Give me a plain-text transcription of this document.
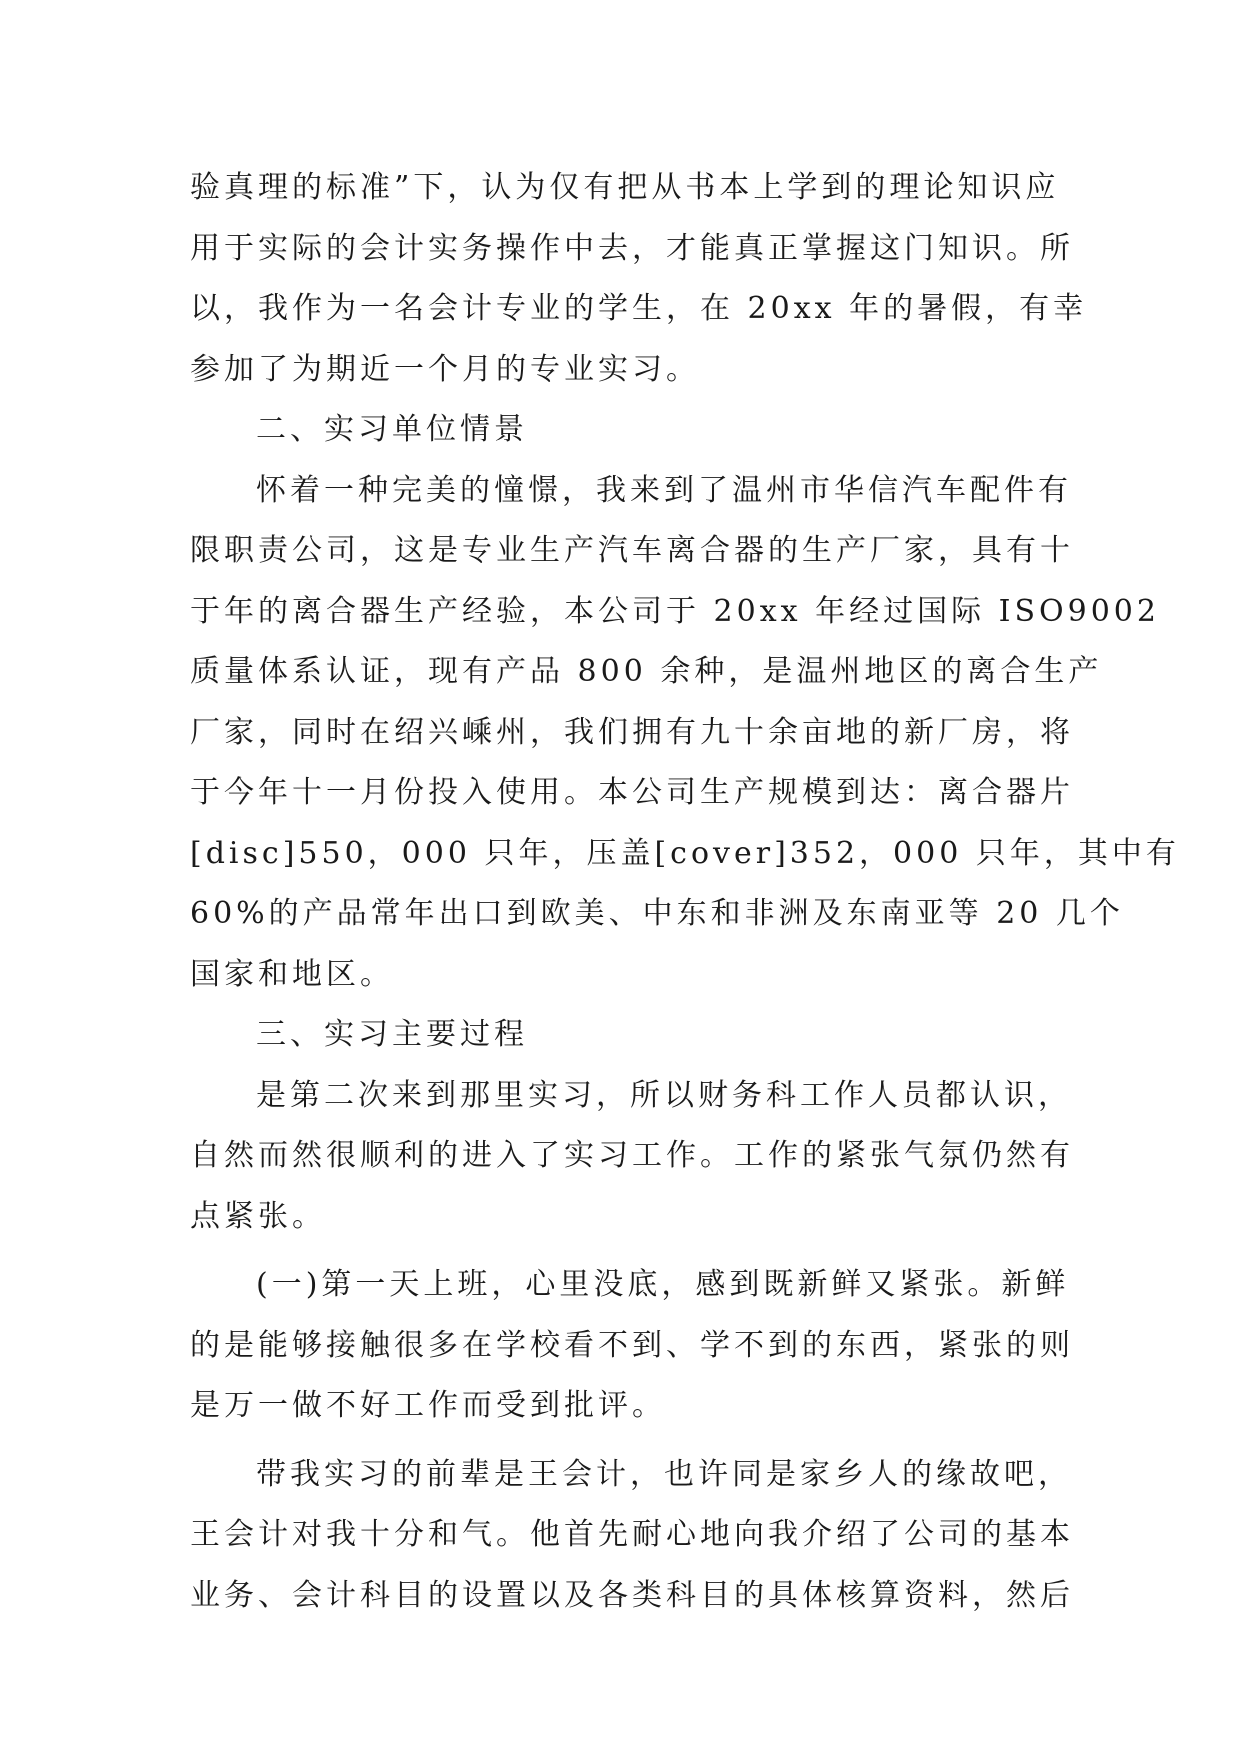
验真理的标准”下，认为仅有把从书本上学到的理论知识应
用于实际的会计实务操作中去，才能真正掌握这门知识。所
以，我作为一名会计专业的学生，在 20xx 年的暑假，有幸
参加了为期近一个月的专业实习。
二、实习单位情景
怀着一种完美的憧憬，我来到了温州市华信汽车配件有
限职责公司，这是专业生产汽车离合器的生产厂家，具有十
于年的离合器生产经验，本公司于 20xx 年经过国际 ISO9002
质量体系认证，现有产品 800 余种，是温州地区的离合生产
厂家，同时在绍兴嵊州，我们拥有九十余亩地的新厂房，将
于今年十一月份投入使用。本公司生产规模到达：离合器片
[disc]550，000 只年，压盖[cover]352，000 只年，其中有
60%的产品常年出口到欧美、中东和非洲及东南亚等 20 几个
国家和地区。
三、实习主要过程
是第二次来到那里实习，所以财务科工作人员都认识，
自然而然很顺利的进入了实习工作。工作的紧张气氛仍然有
点紧张。
(一)第一天上班，心里没底，感到既新鲜又紧张。新鲜
的是能够接触很多在学校看不到、学不到的东西，紧张的则
是万一做不好工作而受到批评。
带我实习的前辈是王会计，也许同是家乡人的缘故吧，
王会计对我十分和气。他首先耐心地向我介绍了公司的基本
业务、会计科目的设置以及各类科目的具体核算资料，然后
